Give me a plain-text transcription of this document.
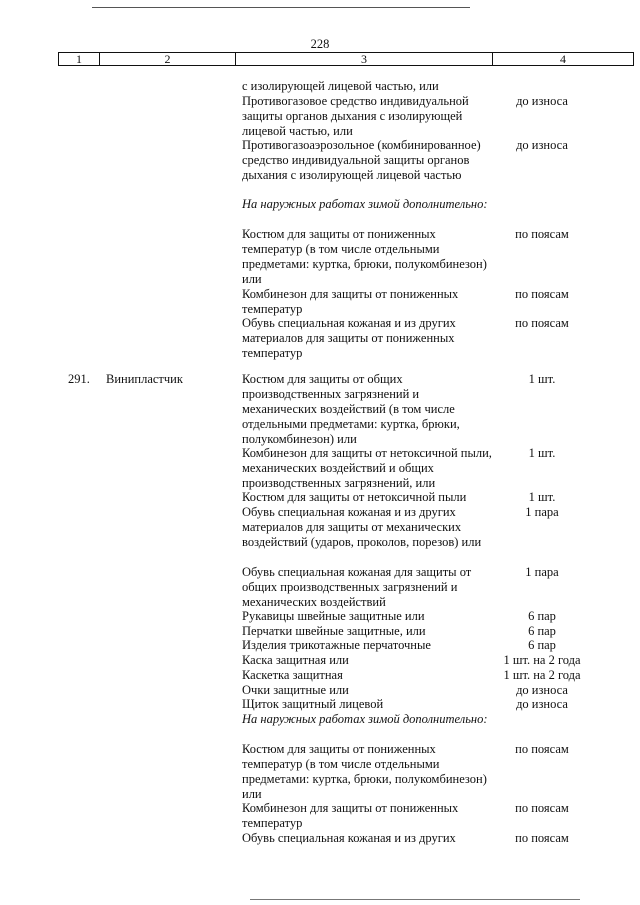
228
1	2	3	4
с изолирующей лицевой частью, или
Противогазовое средство индивидуальной защиты органов дыхания с изолирующей лицевой частью, или
до износа
Противогазоаэрозольное (комбинированное) средство индивидуальной защиты органов дыхания с изолирующей лицевой частью
до износа
На наружных работах зимой дополнительно:
Костюм для защиты от пониженных температур (в том числе отдельными предметами: куртка, брюки, полукомбинезон) или
по поясам
Комбинезон для защиты от пониженных температур
по поясам
Обувь специальная кожаная и из других материалов для защиты от пониженных температур
по поясам
291. Винипластчик	Костюм для защиты от общих производственных загрязнений и механических воздействий (в том числе отдельными предметами: куртка, брюки, полукомбинезон) или
1 шт.
Комбинезон для защиты от нетоксичной пыли, механических воздействий и общих производственных загрязнений, или
1 шт.
Костюм для защиты от нетоксичной пыли	1 шт.
Обувь специальная кожаная и из других материалов для защиты от механических воздействий (ударов, проколов, порезов) или
1 пара
Обувь специальная кожаная для защиты от общих производственных загрязнений и механических воздействий
1 пара
Рукавицы швейные защитные или	6 пар
Перчатки швейные защитные, или	6 пар
Изделия трикотажные перчаточные	6 пар
Каска защитная или	1 шт. на 2 года
Каскетка защитная	1 шт. на 2 года
Очки защитные или	до износа
Щиток защитный лицевой	до износа
На наружных работах зимой дополнительно:
Костюм для защиты от пониженных температур (в том числе отдельными предметами: куртка, брюки, полукомбинезон) или
по поясам
Комбинезон для защиты от пониженных температур
по поясам
Обувь специальная кожаная и из других	по поясам
